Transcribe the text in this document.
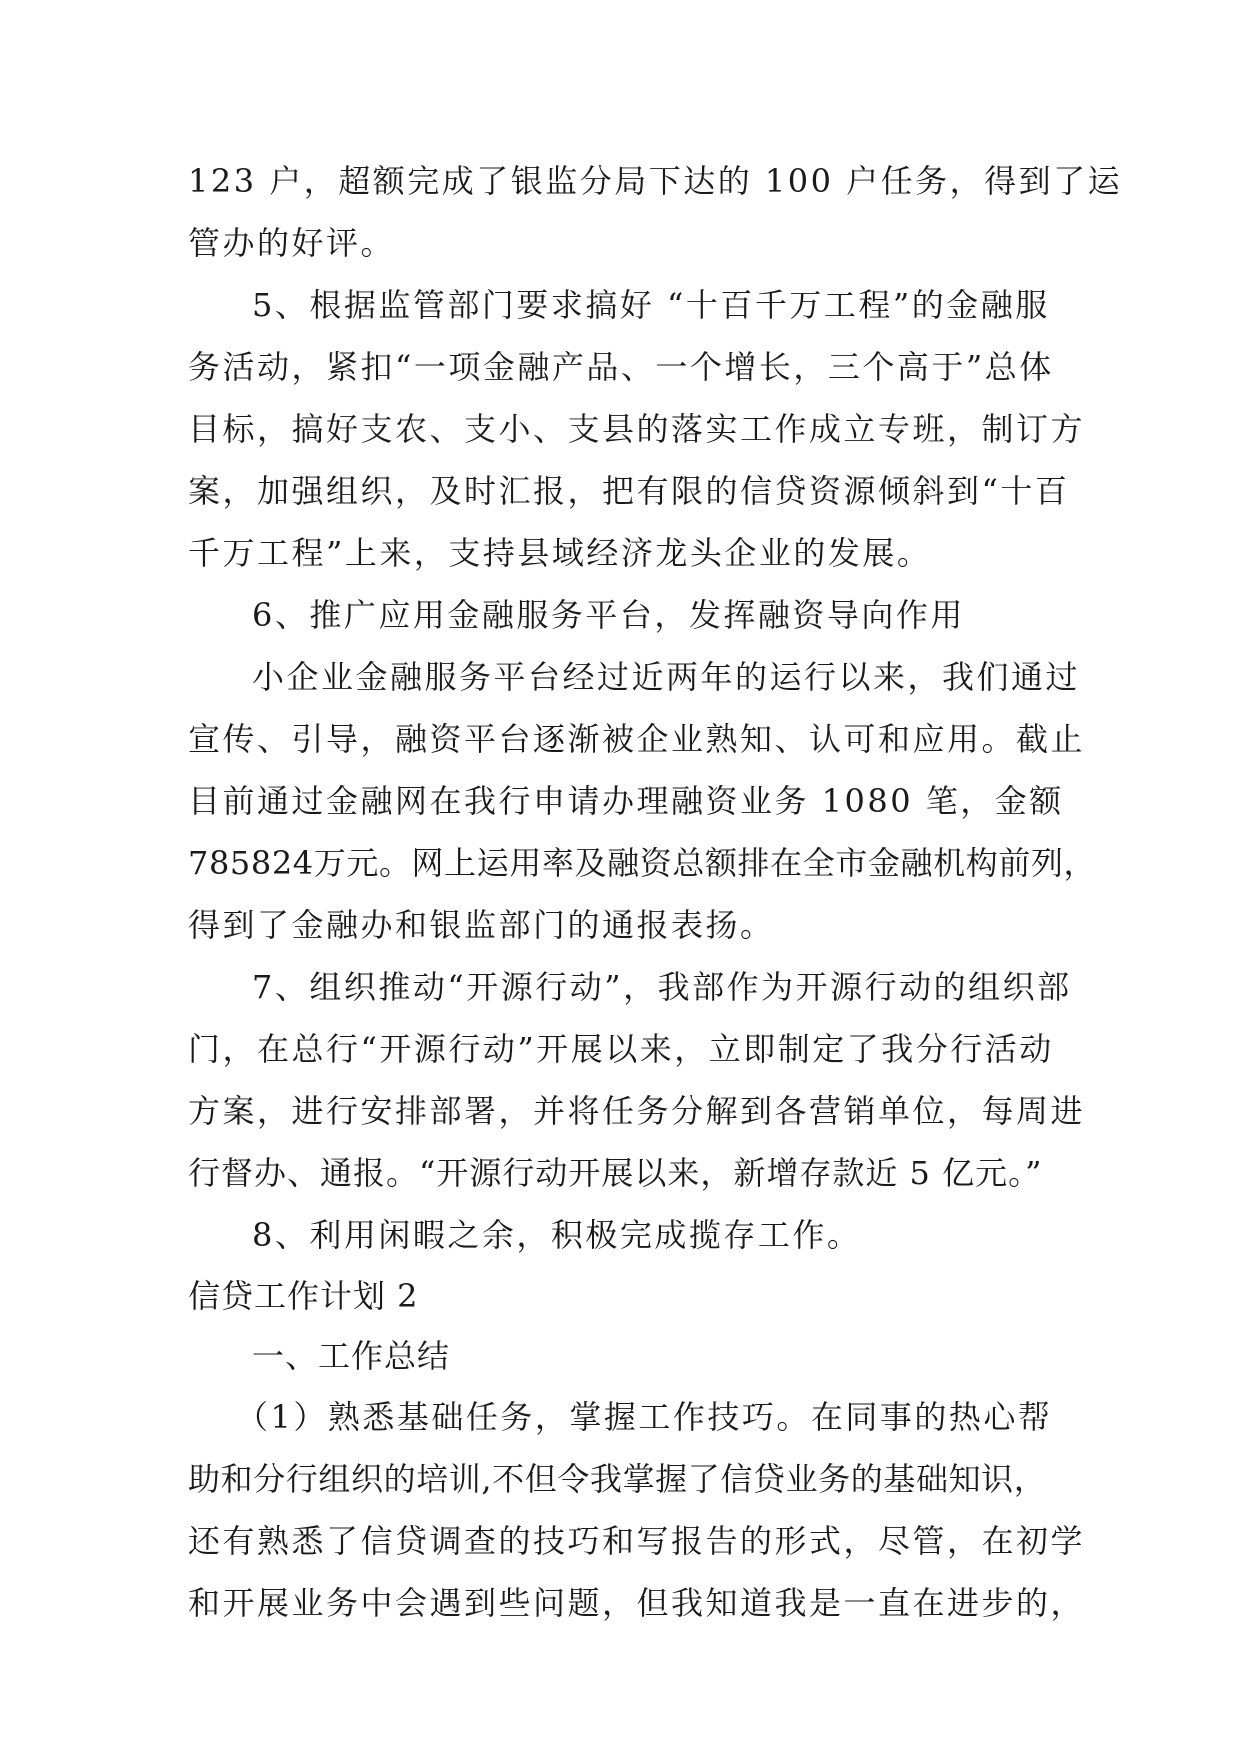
123 户，超额完成了银监分局下达的 100 户任务，得到了运
管办的好评。
5、根据监管部门要求搞好 “十百千万工程”的金融服
务活动，紧扣“一项金融产品、一个增长，三个高于”总体
目标，搞好支农、支小、支县的落实工作成立专班，制订方
案，加强组织，及时汇报，把有限的信贷资源倾斜到“十百
千万工程”上来，支持县域经济龙头企业的发展。
6、推广应用金融服务平台，发挥融资导向作用
小企业金融服务平台经过近两年的运行以来，我们通过
宣传、引导，融资平台逐渐被企业熟知、认可和应用。截止
目前通过金融网在我行申请办理融资业务 1080 笔，金额
785824万元。网上运用率及融资总额排在全市金融机构前列，
得到了金融办和银监部门的通报表扬。
7、组织推动“开源行动”，我部作为开源行动的组织部
门，在总行“开源行动”开展以来，立即制定了我分行活动
方案，进行安排部署，并将任务分解到各营销单位，每周进
行督办、通报。“开源行动开展以来，新增存款近 5 亿元。”
8、利用闲暇之余，积极完成揽存工作。
信贷工作计划 2
一、工作总结
（1）熟悉基础任务，掌握工作技巧。在同事的热心帮
助和分行组织的培训,不但令我掌握了信贷业务的基础知识，
还有熟悉了信贷调查的技巧和写报告的形式，尽管，在初学
和开展业务中会遇到些问题，但我知道我是一直在进步的，
